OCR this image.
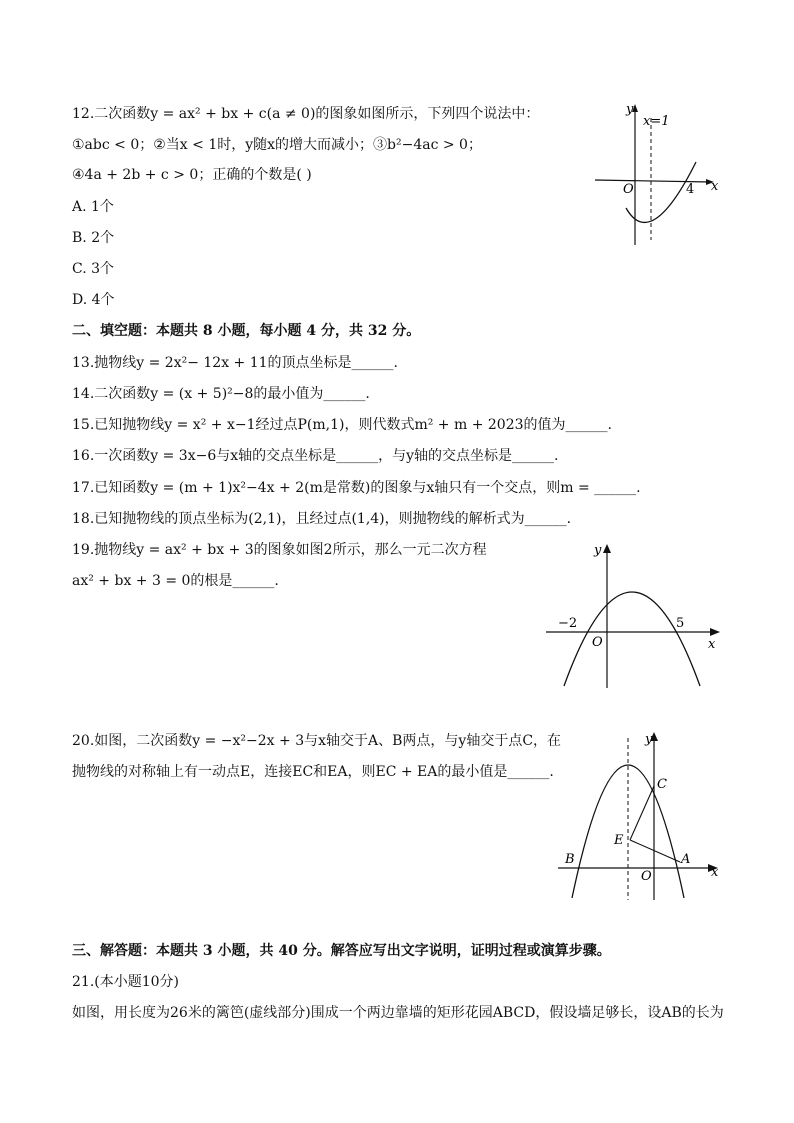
12.二次函数y = ax² + bx + c(a ≠ 0)的图象如图所示，下列四个说法中：
①abc < 0；②当x < 1时，y随x的增大而减小；③b²−4ac > 0；
④4a + 2b + c > 0；正确的个数是( )
A. 1个
B. 2个
C. 3个
D. 4个
y
x=1
O	4 x
二、填空题：本题共 8 小题，每小题 4 分，共 32 分。
13.抛物线y = 2x²− 12x + 11的顶点坐标是______.
14.二次函数y = (x + 5)²−8的最小值为______.
15.已知抛物线y = x² + x−1经过点P(m,1)，则代数式m² + m + 2023的值为______.
16.一次函数y = 3x−6与x轴的交点坐标是______，与y轴的交点坐标是______.
17.已知函数y = (m + 1)x²−4x + 2(m是常数)的图象与x轴只有一个交点，则m = ______.
18.已知抛物线的顶点坐标为(2,1)，且经过点(1,4)，则抛物线的解析式为______.
19.抛物线y = ax² + bx + 3的图象如图2所示，那么一元二次方程
ax² + bx + 3 = 0的根是______.
y
−2	5
O	x
20.如图，二次函数y = −x²−2x + 3与x轴交于A、B两点，与y轴交于点C，在
抛物线的对称轴上有一动点E，连接EC和EA，则EC + EA的最小值是______.
y
C
E
B	A
O	x
三、解答题：本题共 3 小题，共 40 分。解答应写出文字说明，证明过程或演算步骤。
21.(本小题10分)
如图，用长度为26米的篱笆(虚线部分)围成一个两边靠墙的矩形花园ABCD，假设墙足够长，设AB的长为
